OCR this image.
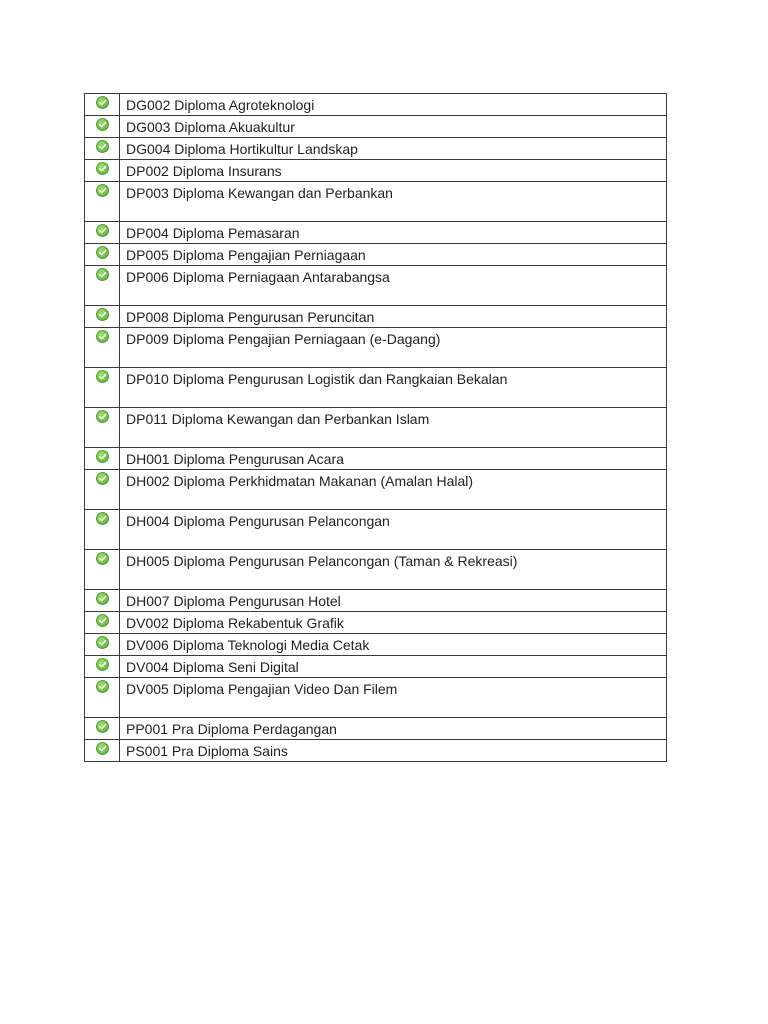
	DG002 Diploma Agroteknologi

	DG003 Diploma Akuakultur

	DG004 Diploma Hortikultur Landskap

	DP002 Diploma Insurans

	DP003 Diploma Kewangan dan Perbankan

	DP004 Diploma Pemasaran

	DP005 Diploma Pengajian Perniagaan

	DP006 Diploma Perniagaan Antarabangsa

	DP008 Diploma Pengurusan Peruncitan

	DP009 Diploma Pengajian Perniagaan (e-Dagang)

	DP010 Diploma Pengurusan Logistik dan Rangkaian Bekalan

	DP011 Diploma Kewangan dan Perbankan Islam

	DH001 Diploma Pengurusan Acara

	DH002 Diploma Perkhidmatan Makanan (Amalan Halal)

	DH004 Diploma Pengurusan Pelancongan

	DH005 Diploma Pengurusan Pelancongan (Taman & Rekreasi)

	DH007 Diploma Pengurusan Hotel

	DV002 Diploma Rekabentuk Grafik

	DV006 Diploma Teknologi Media Cetak

	DV004 Diploma Seni Digital

	DV005 Diploma Pengajian Video Dan Filem

	PP001 Pra Diploma Perdagangan

	PS001 Pra Diploma Sains
